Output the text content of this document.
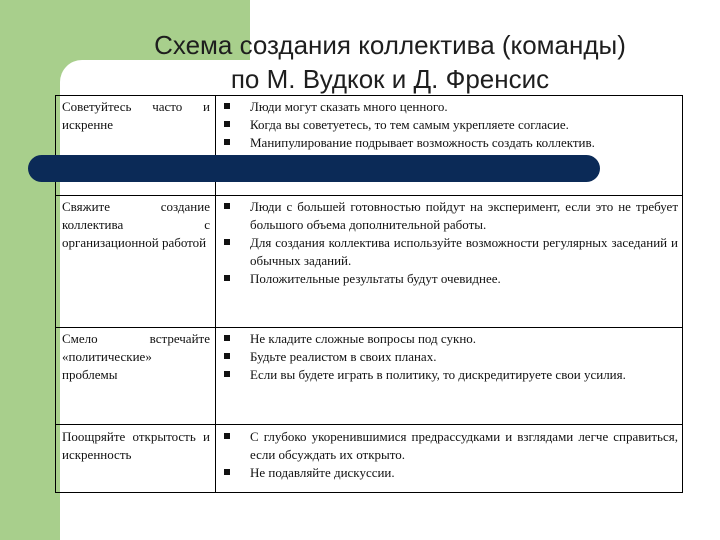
Схема создания коллектива (команды)
по М. Вудкок и Д. Френсис
Советуйтесь часто и искренне
Люди могут сказать много ценного.
Когда вы советуетесь, то тем самым укрепляете согласие.
Манипулирование подрывает возможность создать коллектив.
Свяжите создание коллектива с организационной работой
Люди с большей готовностью пойдут на эксперимент, если это не требует большого объема дополнительной работы.
Для создания коллектива используйте возможности регулярных заседаний и обычных заданий.
Положительные результаты будут очевиднее.
Смело встречайте «политические» проблемы
Не кладите сложные вопросы под сукно.
Будьте реалистом в своих планах.
Если вы будете играть в политику, то дискредитируете свои усилия.
Поощряйте открытость и искренность
С глубоко укоренившимися предрассудками и взглядами легче справиться, если обсуждать их открыто.
Не подавляйте дискуссии.
